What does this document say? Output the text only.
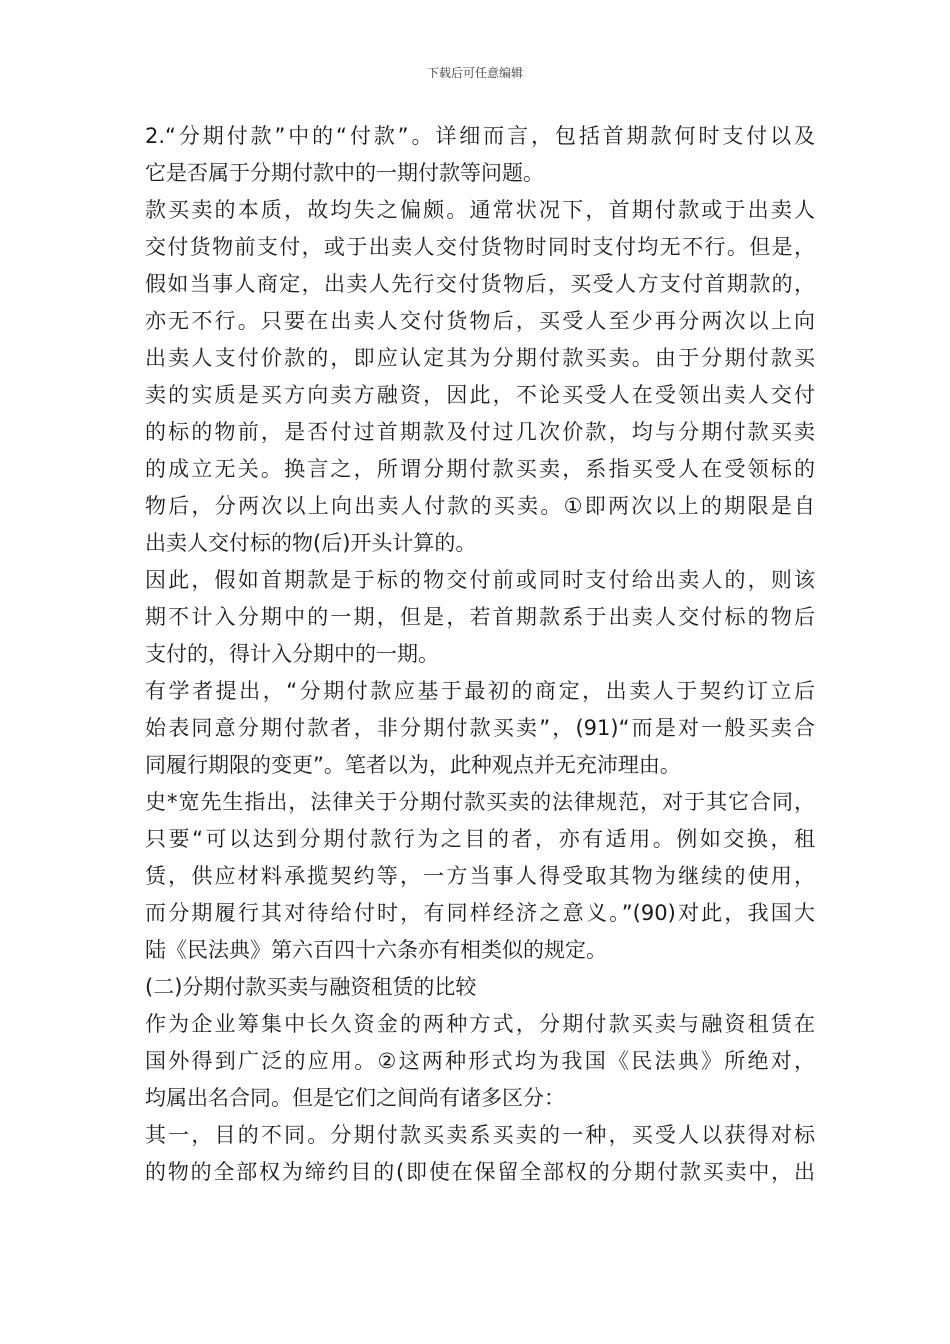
下载后可任意编辑
2.“分期付款”中的“付款”。详细而言，包括首期款何时支付以及
它是否属于分期付款中的一期付款等问题。
款买卖的本质，故均失之偏颇。通常状况下，首期付款或于出卖人
交付货物前支付，或于出卖人交付货物时同时支付均无不行。但是，
假如当事人商定，出卖人先行交付货物后，买受人方支付首期款的，
亦无不行。只要在出卖人交付货物后，买受人至少再分两次以上向
出卖人支付价款的，即应认定其为分期付款买卖。由于分期付款买
卖的实质是买方向卖方融资，因此，不论买受人在受领出卖人交付
的标的物前，是否付过首期款及付过几次价款，均与分期付款买卖
的成立无关。换言之，所谓分期付款买卖，系指买受人在受领标的
物后，分两次以上向出卖人付款的买卖。①即两次以上的期限是自
出卖人交付标的物(后)开头计算的。
因此，假如首期款是于标的物交付前或同时支付给出卖人的，则该
期不计入分期中的一期，但是，若首期款系于出卖人交付标的物后
支付的，得计入分期中的一期。
有学者提出，“分期付款应基于最初的商定，出卖人于契约订立后
始表同意分期付款者，非分期付款买卖”，(91)“而是对一般买卖合
同履行期限的变更”。笔者以为，此种观点并无充沛理由。
史*宽先生指出，法律关于分期付款买卖的法律规范，对于其它合同，
只要“可以达到分期付款行为之目的者，亦有适用。例如交换，租
赁，供应材料承揽契约等，一方当事人得受取其物为继续的使用，
而分期履行其对待给付时，有同样经济之意义。”(90)对此，我国大
陆《民法典》第六百四十六条亦有相类似的规定。
(二)分期付款买卖与融资租赁的比较
作为企业筹集中长久资金的两种方式，分期付款买卖与融资租赁在
国外得到广泛的应用。②这两种形式均为我国《民法典》所绝对，
均属出名合同。但是它们之间尚有诸多区分：
其一，目的不同。分期付款买卖系买卖的一种，买受人以获得对标
的物的全部权为缔约目的(即使在保留全部权的分期付款买卖中，出
